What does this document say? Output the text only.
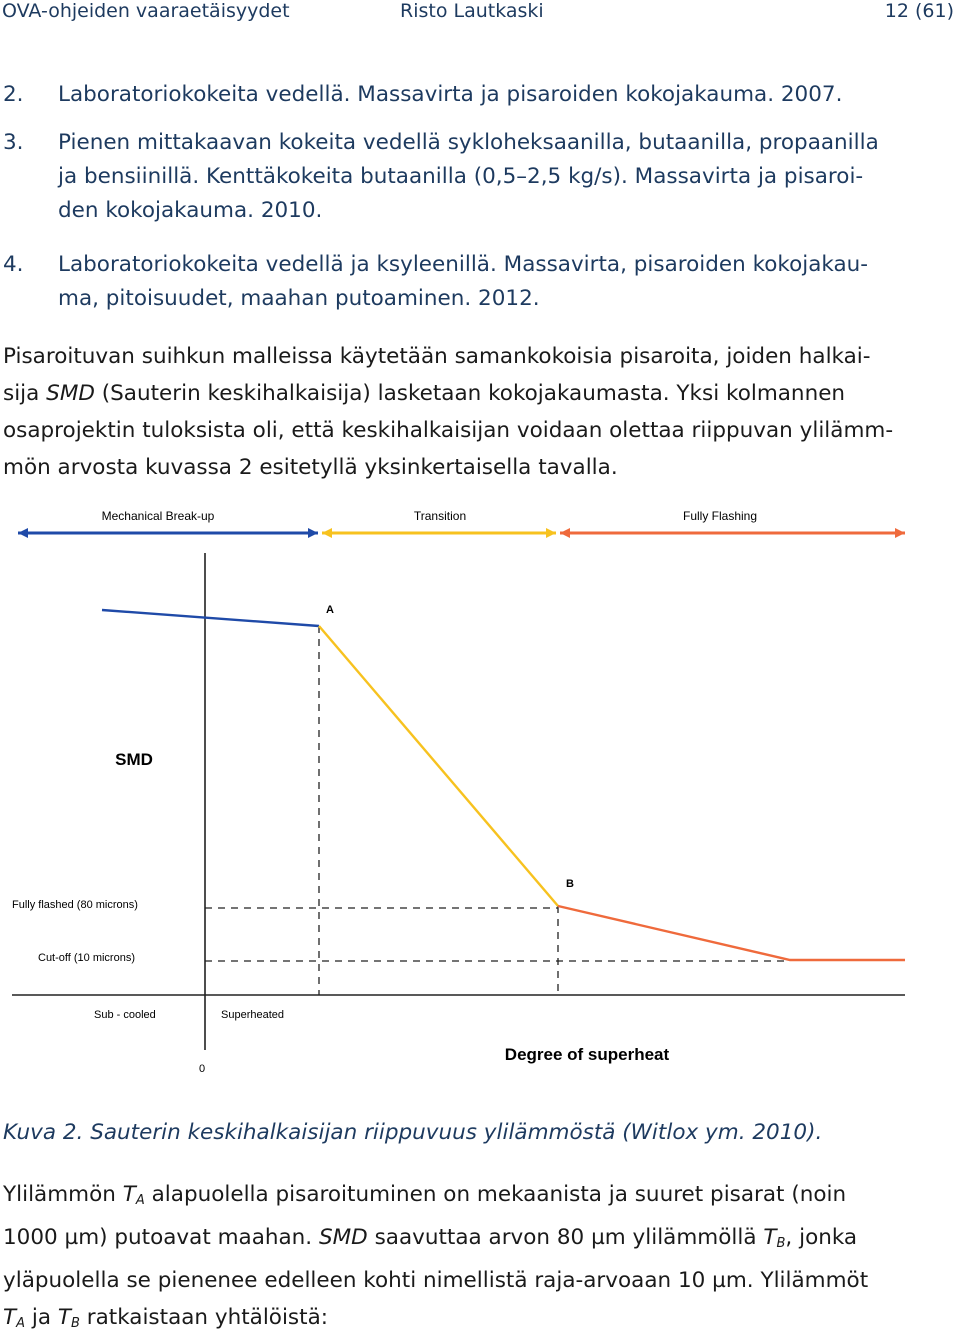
OVA-ohjeiden vaaraetäisyydet	Risto Lautkaski	12 (61)
2. Laboratoriokokeita vedellä. Massavirta ja pisaroiden kokojakauma. 2007.
3. Pienen mittakaavan kokeita vedellä sykloheksaanilla, butaanilla, propaanilla
ja bensiinillä. Kenttäkokeita butaanilla (0,5–2,5 kg/s). Massavirta ja pisaroi-
den kokojakauma. 2010.
4. Laboratoriokokeita vedellä ja ksyleenillä. Massavirta, pisaroiden kokojakau-
ma, pitoisuudet, maahan putoaminen. 2012.
Pisaroituvan suihkun malleissa käytetään samankokoisia pisaroita, joiden halkai-
sija SMD (Sauterin keskihalkaisija) lasketaan kokojakaumasta. Yksi kolmannen
osaprojektin tuloksista oli, että keskihalkaisijan voidaan olettaa riippuvan ylilämm-
mön arvosta kuvassa 2 esitetyllä yksinkertaisella tavalla.
Mechanical Break-up	Transition	Fully Flashing
A
B
SMD
Fully flashed (80 microns)
Cut-off (10 microns)
Sub - cooled	Superheated
0
Degree of superheat
Kuva 2. Sauterin keskihalkaisijan riippuvuus ylilämmöstä (Witlox ym. 2010).
Ylilämmön $T_A$ alapuolella pisaroituminen on mekaanista ja suuret pisarat (noin
1000 µm) putoavat maahan. SMD saavuttaa arvon 80 µm ylilämmöllä $T_B$, jonka
yläpuolella se pienenee edelleen kohti nimellistä raja-arvoaan 10 µm. Ylilämmöt
$T_A$ ja $T_B$ ratkaistaan yhtälöistä:
